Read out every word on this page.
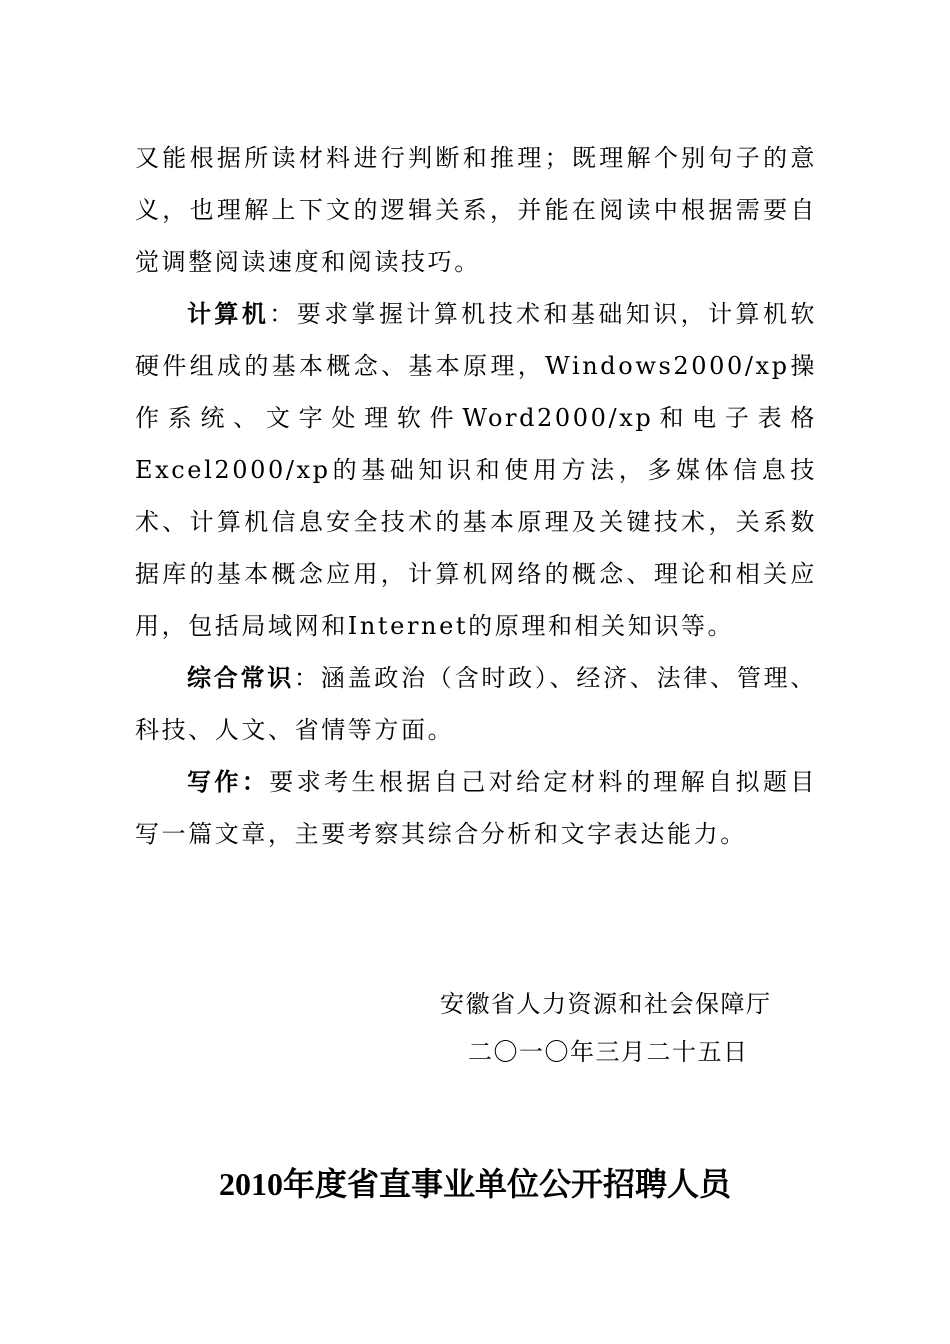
又能根据所读材料进行判断和推理；既理解个别句子的意义，也理解上下文的逻辑关系，并能在阅读中根据需要自觉调整阅读速度和阅读技巧。

计算机：要求掌握计算机技术和基础知识，计算机软硬件组成的基本概念、基本原理，Windows2000/xp操作系统、文字处理软件Word2000/xp和电子表格Excel2000/xp的基础知识和使用方法，多媒体信息技术、计算机信息安全技术的基本原理及关键技术，关系数据库的基本概念应用，计算机网络的概念、理论和相关应用，包括局域网和Internet的原理和相关知识等。

综合常识：涵盖政治（含时政）、经济、法律、管理、科技、人文、省情等方面。

写作：要求考生根据自己对给定材料的理解自拟题目写一篇文章，主要考察其综合分析和文字表达能力。

安徽省人力资源和社会保障厅
二〇一〇年三月二十五日
2010年度省直事业单位公开招聘人员
